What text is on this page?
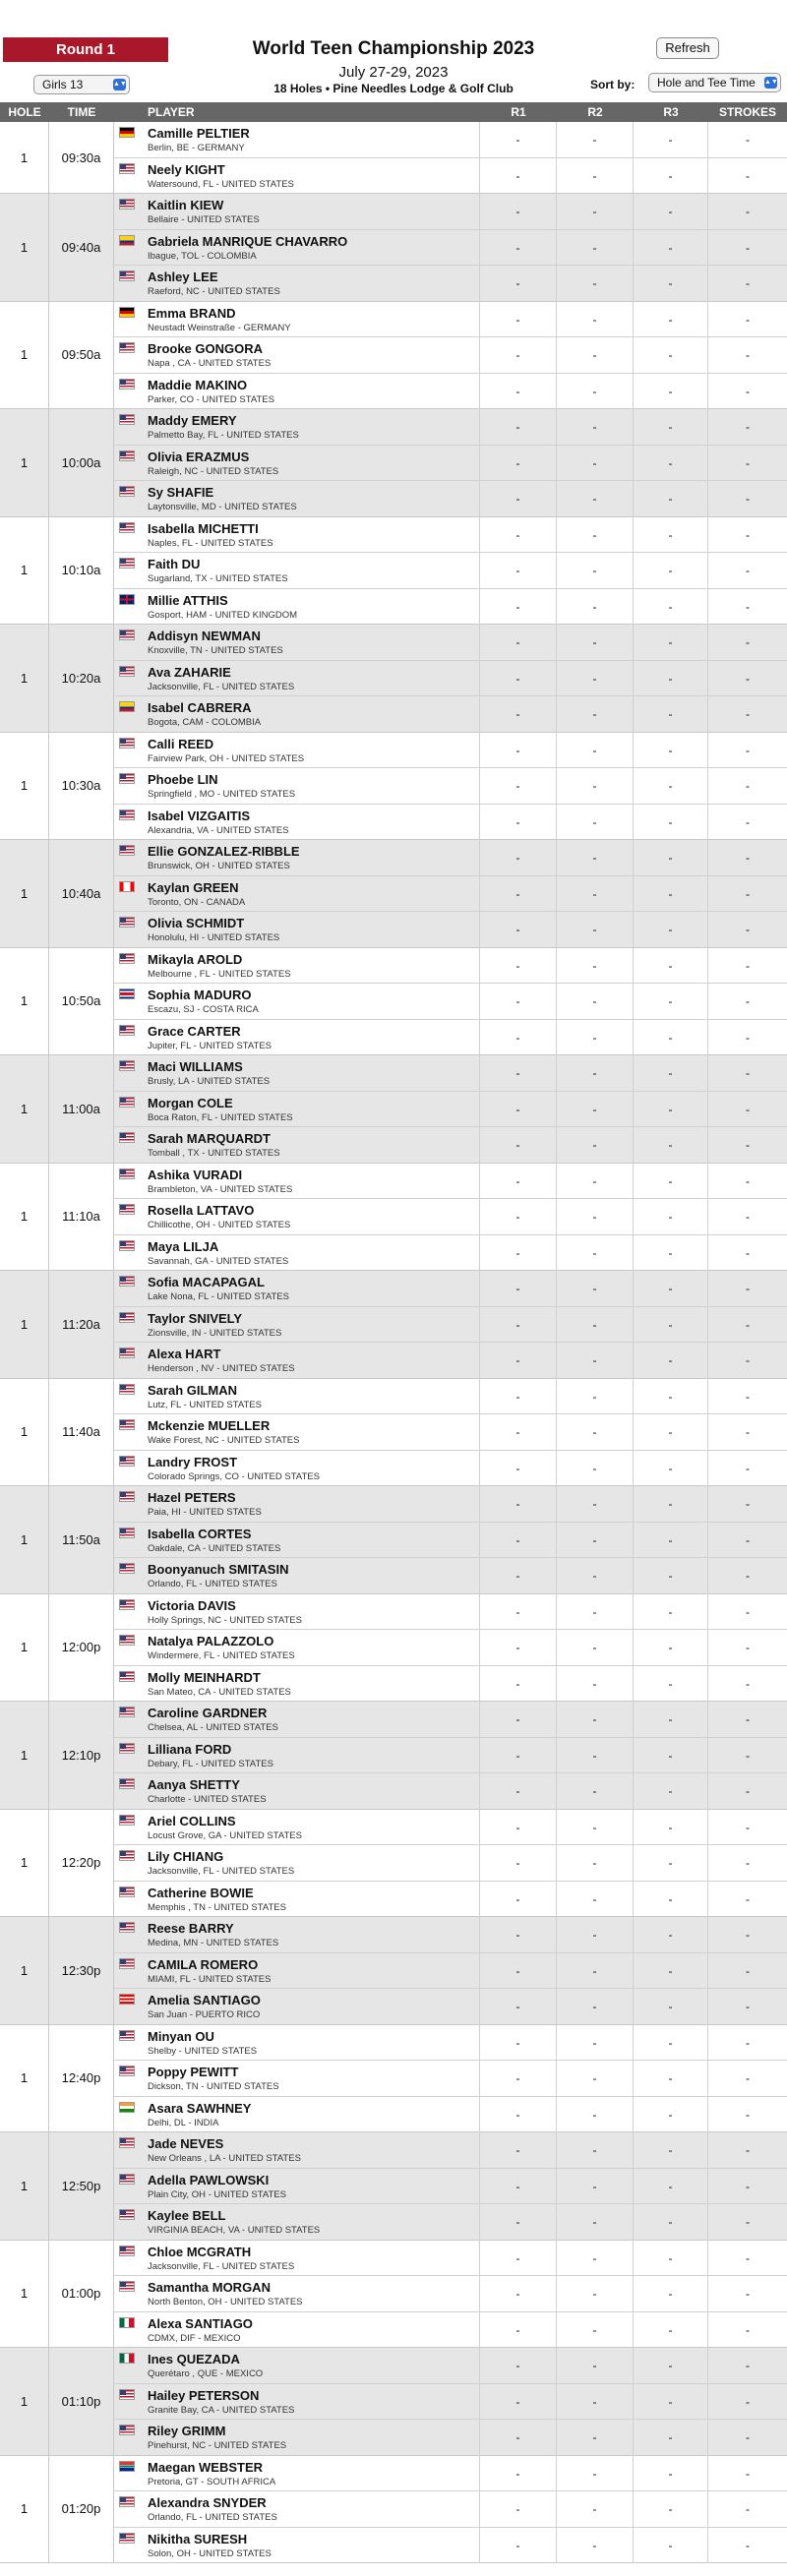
Round 1
Girls 13	▲▼
World Teen Championship 2023
July 27-29, 2023
18 Holes • Pine Needles Lodge & Golf Club
Refresh
Sort by:	Hole and Tee Time ▲▼
HOLE	TIME	PLAYER	R1	R2	R3	STROKES
1	09:30a
Camille PELTIER
Berlin, BE - GERMANY
-	-	-	-
Neely KIGHT
Watersound, FL - UNITED STATES
-	-	-	-
1	09:40a
Kaitlin KIEW
Bellaire - UNITED STATES
-	-	-	-
Gabriela MANRIQUE CHAVARRO
Ibague, TOL - COLOMBIA
-	-	-	-
Ashley LEE
Raeford, NC - UNITED STATES
-	-	-	-
1	09:50a
Emma BRAND
Neustadt Weinstraße - GERMANY
-	-	-	-
Brooke GONGORA
Napa , CA - UNITED STATES
-	-	-	-
Maddie MAKINO
Parker, CO - UNITED STATES
-	-	-	-
1	10:00a
Maddy EMERY
Palmetto Bay, FL - UNITED STATES
-	-	-	-
Olivia ERAZMUS
Raleigh, NC - UNITED STATES
-	-	-	-
Sy SHAFIE
Laytonsville, MD - UNITED STATES
-	-	-	-
1	10:10a
Isabella MICHETTI
Naples, FL - UNITED STATES
-	-	-	-
Faith DU
Sugarland, TX - UNITED STATES
-	-	-	-
Millie ATTHIS
Gosport, HAM - UNITED KINGDOM
-	-	-	-
1	10:20a
Addisyn NEWMAN
Knoxville, TN - UNITED STATES
-	-	-	-
Ava ZAHARIE
Jacksonville, FL - UNITED STATES
-	-	-	-
Isabel CABRERA
Bogota, CAM - COLOMBIA
-	-	-	-
1	10:30a
Calli REED
Fairview Park, OH - UNITED STATES
-	-	-	-
Phoebe LIN
Springfield , MO - UNITED STATES
-	-	-	-
Isabel VIZGAITIS
Alexandria, VA - UNITED STATES
-	-	-	-
1	10:40a
Ellie GONZALEZ-RIBBLE
Brunswick, OH - UNITED STATES
-	-	-	-
Kaylan GREEN
Toronto, ON - CANADA
-	-	-	-
Olivia SCHMIDT
Honolulu, HI - UNITED STATES
-	-	-	-
1	10:50a
Mikayla AROLD
Melbourne , FL - UNITED STATES
-	-	-	-
Sophia MADURO
Escazu, SJ - COSTA RICA
-	-	-	-
Grace CARTER
Jupiter, FL - UNITED STATES
-	-	-	-
1	11:00a
Maci WILLIAMS
Brusly, LA - UNITED STATES
-	-	-	-
Morgan COLE
Boca Raton, FL - UNITED STATES
-	-	-	-
Sarah MARQUARDT
Tomball , TX - UNITED STATES
-	-	-	-
1	11:10a
Ashika VURADI
Brambleton, VA - UNITED STATES
-	-	-	-
Rosella LATTAVO
Chillicothe, OH - UNITED STATES
-	-	-	-
Maya LILJA
Savannah, GA - UNITED STATES
-	-	-	-
1	11:20a
Sofia MACAPAGAL
Lake Nona, FL - UNITED STATES
-	-	-	-
Taylor SNIVELY
Zionsville, IN - UNITED STATES
-	-	-	-
Alexa HART
Henderson , NV - UNITED STATES
-	-	-	-
1	11:40a
Sarah GILMAN
Lutz, FL - UNITED STATES
-	-	-	-
Mckenzie MUELLER
Wake Forest, NC - UNITED STATES
-	-	-	-
Landry FROST
Colorado Springs, CO - UNITED STATES
-	-	-	-
1	11:50a
Hazel PETERS
Paia, HI - UNITED STATES
-	-	-	-
Isabella CORTES
Oakdale, CA - UNITED STATES
-	-	-	-
Boonyanuch SMITASIN
Orlando, FL - UNITED STATES
-	-	-	-
1	12:00p
Victoria DAVIS
Holly Springs, NC - UNITED STATES
-	-	-	-
Natalya PALAZZOLO
Windermere, FL - UNITED STATES
-	-	-	-
Molly MEINHARDT
San Mateo, CA - UNITED STATES
-	-	-	-
1	12:10p
Caroline GARDNER
Chelsea, AL - UNITED STATES
-	-	-	-
Lilliana FORD
Debary, FL - UNITED STATES
-	-	-	-
Aanya SHETTY
Charlotte - UNITED STATES
-	-	-	-
1	12:20p
Ariel COLLINS
Locust Grove, GA - UNITED STATES
-	-	-	-
Lily CHIANG
Jacksonville, FL - UNITED STATES
-	-	-	-
Catherine BOWIE
Memphis , TN - UNITED STATES
-	-	-	-
1	12:30p
Reese BARRY
Medina, MN - UNITED STATES
-	-	-	-
CAMILA ROMERO
MIAMI, FL - UNITED STATES
-	-	-	-
Amelia SANTIAGO
San Juan - PUERTO RICO
-	-	-	-
1	12:40p
Minyan OU
Shelby - UNITED STATES
-	-	-	-
Poppy PEWITT
Dickson, TN - UNITED STATES
-	-	-	-
Asara SAWHNEY
Delhi, DL - INDIA
-	-	-	-
1	12:50p
Jade NEVES
New Orleans , LA - UNITED STATES
-	-	-	-
Adella PAWLOWSKI
Plain City, OH - UNITED STATES
-	-	-	-
Kaylee BELL
VIRGINIA BEACH, VA - UNITED STATES
-	-	-	-
1	01:00p
Chloe MCGRATH
Jacksonville, FL - UNITED STATES
-	-	-	-
Samantha MORGAN
North Benton, OH - UNITED STATES
-	-	-	-
Alexa SANTIAGO
CDMX, DIF - MEXICO
-	-	-	-
1	01:10p
Ines QUEZADA
Querétaro , QUE - MEXICO
-	-	-	-
Hailey PETERSON
Granite Bay, CA - UNITED STATES
-	-	-	-
Riley GRIMM
Pinehurst, NC - UNITED STATES
-	-	-	-
1	01:20p
Maegan WEBSTER
Pretoria, GT - SOUTH AFRICA
-	-	-	-
Alexandra SNYDER
Orlando, FL - UNITED STATES
-	-	-	-
Nikitha SURESH
Solon, OH - UNITED STATES
-	-	-	-
